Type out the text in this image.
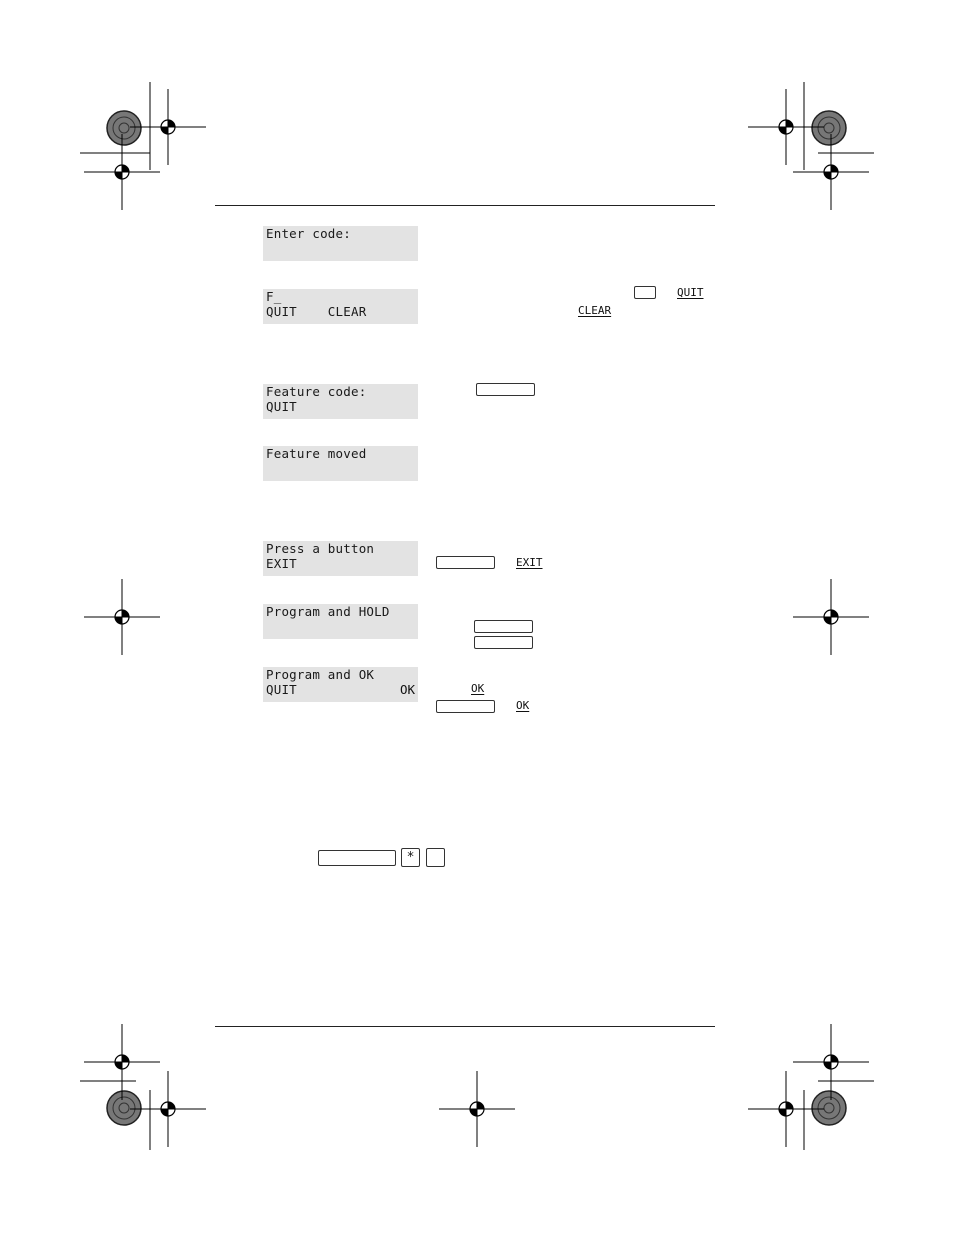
Enter code:
F_
QUIT    CLEAR
Feature code:
QUIT
Feature moved
Press a button
EXIT
Program and HOLD
Program and OK
QUIT	OK
QUIT
CLEAR
EXIT
OK
OK
*
